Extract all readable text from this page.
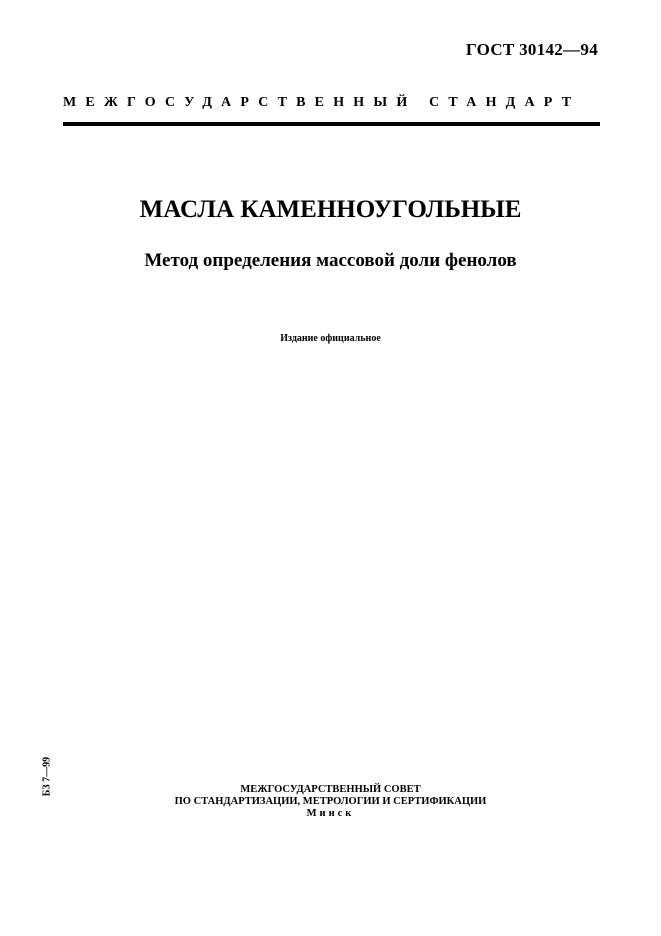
ГОСТ 30142—94
МЕЖГОСУДАРСТВЕННЫЙ СТАНДАРТ
МАСЛА КАМЕННОУГОЛЬНЫЕ
Метод определения массовой доли фенолов
Издание официальное
БЗ 7—99	МЕЖГОСУДАРСТВЕННЫЙ СОВЕТ
ПО СТАНДАРТИЗАЦИИ, МЕТРОЛОГИИ И СЕРТИФИКАЦИИ
Минск
